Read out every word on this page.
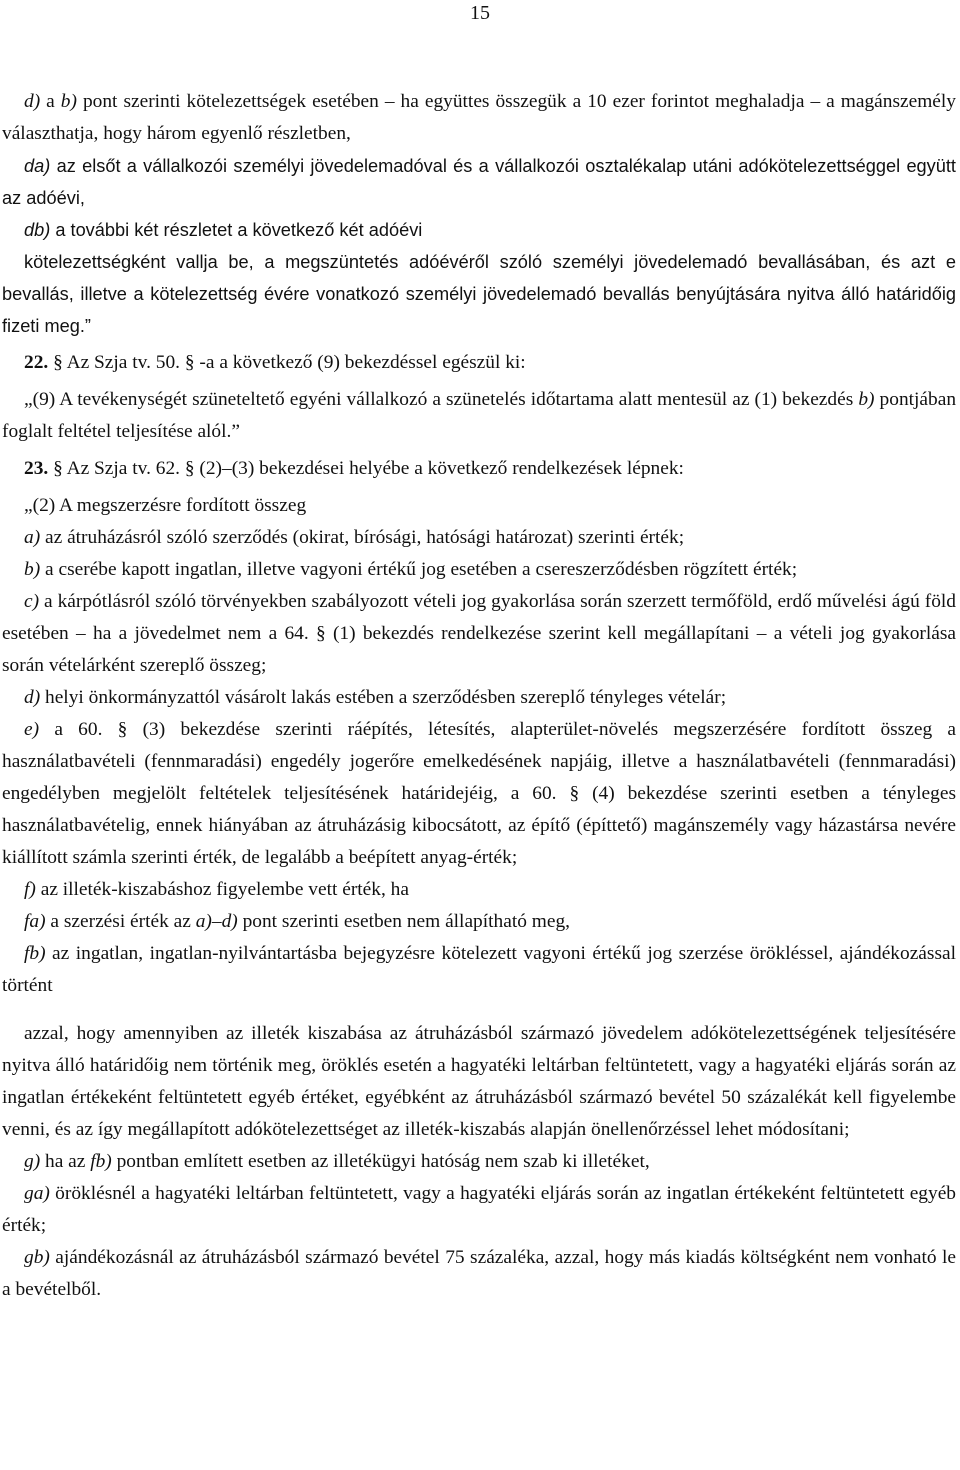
15

d) a b) pont szerinti kötelezettségek esetében – ha együttes összegük a 10 ezer forintot meghaladja – a magánszemély választhatja, hogy három egyenlő részletben,

da) az elsőt a vállalkozói személyi jövedelemadóval és a vállalkozói osztalékalap utáni adókötelezettséggel együtt az adóévi,

db) a további két részletet a következő két adóévi

kötelezettségként vallja be, a megszüntetés adóévéről szóló személyi jövedelemadó bevallásában, és azt e bevallás, illetve a kötelezettség évére vonatkozó személyi jövedelemadó bevallás benyújtására nyitva álló határidőig fizeti meg.”

22. § Az Szja tv. 50. § -a a következő (9) bekezdéssel egészül ki:

„(9) A tevékenységét szüneteltető egyéni vállalkozó a szünetelés időtartama alatt mentesül az (1) bekezdés b) pontjában foglalt feltétel teljesítése alól.”

23. § Az Szja tv. 62. § (2)–(3) bekezdései helyébe a következő rendelkezések lépnek:

„(2) A megszerzésre fordított összeg

a) az átruházásról szóló szerződés (okirat, bírósági, hatósági határozat) szerinti érték;

b) a cserébe kapott ingatlan, illetve vagyoni értékű jog esetében a csereszerződésben rögzített érték;

c) a kárpótlásról szóló törvényekben szabályozott vételi jog gyakorlása során szerzett termőföld, erdő művelési ágú föld esetében – ha a jövedelmet nem a 64. § (1) bekezdés rendelkezése szerint kell megállapítani – a vételi jog gyakorlása során vételárként szereplő összeg;

d) helyi önkormányzattól vásárolt lakás estében a szerződésben szereplő tényleges vételár;

e) a 60. § (3) bekezdése szerinti ráépítés, létesítés, alapterület-növelés megszerzésére fordított összeg a használatbavételi (fennmaradási) engedély jogerőre emelkedésének napjáig, illetve a használatbavételi (fennmaradási) engedélyben megjelölt feltételek teljesítésének határidejéig, a 60. § (4) bekezdése szerinti esetben a tényleges használatbavételig, ennek hiányában az átruházásig kibocsátott, az építő (építtető) magánszemély vagy házastársa nevére kiállított számla szerinti érték, de legalább a beépített anyag-érték;

f) az illeték-kiszabáshoz figyelembe vett érték, ha

fa) a szerzési érték az a)–d) pont szerinti esetben nem állapítható meg,

fb) az ingatlan, ingatlan-nyilvántartásba bejegyzésre kötelezett vagyoni értékű jog szerzése örökléssel, ajándékozással történt

azzal, hogy amennyiben az illeték kiszabása az átruházásból származó jövedelem adókötelezettségének teljesítésére nyitva álló határidőig nem történik meg, öröklés esetén a hagyatéki leltárban feltüntetett, vagy a hagyatéki eljárás során az ingatlan értékeként feltüntetett egyéb értéket, egyébként az átruházásból származó bevétel 50 százalékát kell figyelembe venni, és az így megállapított adókötelezettséget az illeték-kiszabás alapján önellenőrzéssel lehet módosítani;

g) ha az fb) pontban említett esetben az illetékügyi hatóság nem szab ki illetéket,

ga) öröklésnél a hagyatéki leltárban feltüntetett, vagy a hagyatéki eljárás során az ingatlan értékeként feltüntetett egyéb érték;

gb) ajándékozásnál az átruházásból származó bevétel 75 százaléka, azzal, hogy más kiadás költségként nem vonható le a bevételből.
